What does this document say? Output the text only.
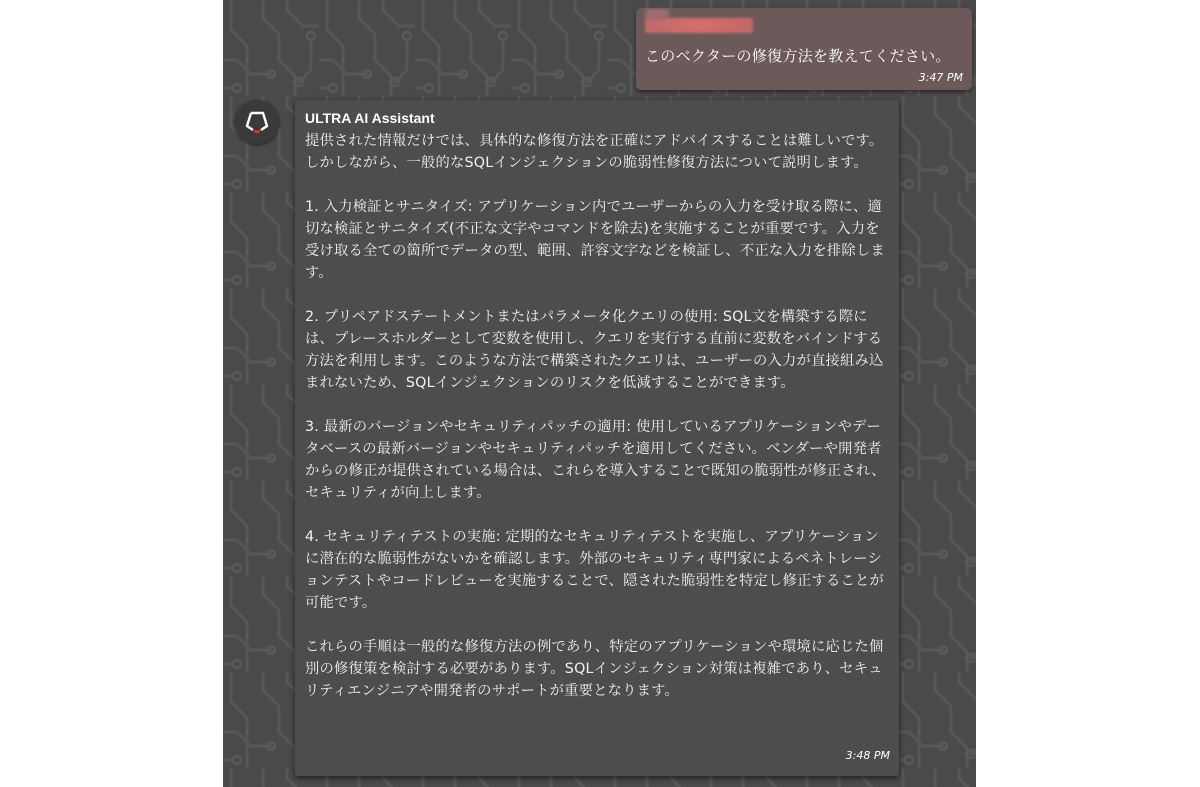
このベクターの修復方法を教えてください。
3:47 PM
ULTRA AI Assistant

提供された情報だけでは、具体的な修復方法を正確にアドバイスすることは難しいです。しかしながら、一般的なSQLインジェクションの脆弱性修復方法について説明します。

1. 入力検証とサニタイズ: アプリケーション内でユーザーからの入力を受け取る際に、適切な検証とサニタイズ(不正な文字やコマンドを除去)を実施することが重要です。入力を受け取る全ての箇所でデータの型、範囲、許容文字などを検証し、不正な入力を排除します。

2. プリペアドステートメントまたはパラメータ化クエリの使用: SQL文を構築する際には、プレースホルダーとして変数を使用し、クエリを実行する直前に変数をバインドする方法を利用します。このような方法で構築されたクエリは、ユーザーの入力が直接組み込まれないため、SQLインジェクションのリスクを低減することができます。

3. 最新のバージョンやセキュリティパッチの適用: 使用しているアプリケーションやデータベースの最新バージョンやセキュリティパッチを適用してください。ベンダーや開発者からの修正が提供されている場合は、これらを導入することで既知の脆弱性が修正され、セキュリティが向上します。

4. セキュリティテストの実施: 定期的なセキュリティテストを実施し、アプリケーションに潜在的な脆弱性がないかを確認します。外部のセキュリティ専門家によるペネトレーションテストやコードレビューを実施することで、隠された脆弱性を特定し修正することが可能です。

これらの手順は一般的な修復方法の例であり、特定のアプリケーションや環境に応じた個別の修復策を検討する必要があります。SQLインジェクション対策は複雑であり、セキュリティエンジニアや開発者のサポートが重要となります。

3:48 PM
